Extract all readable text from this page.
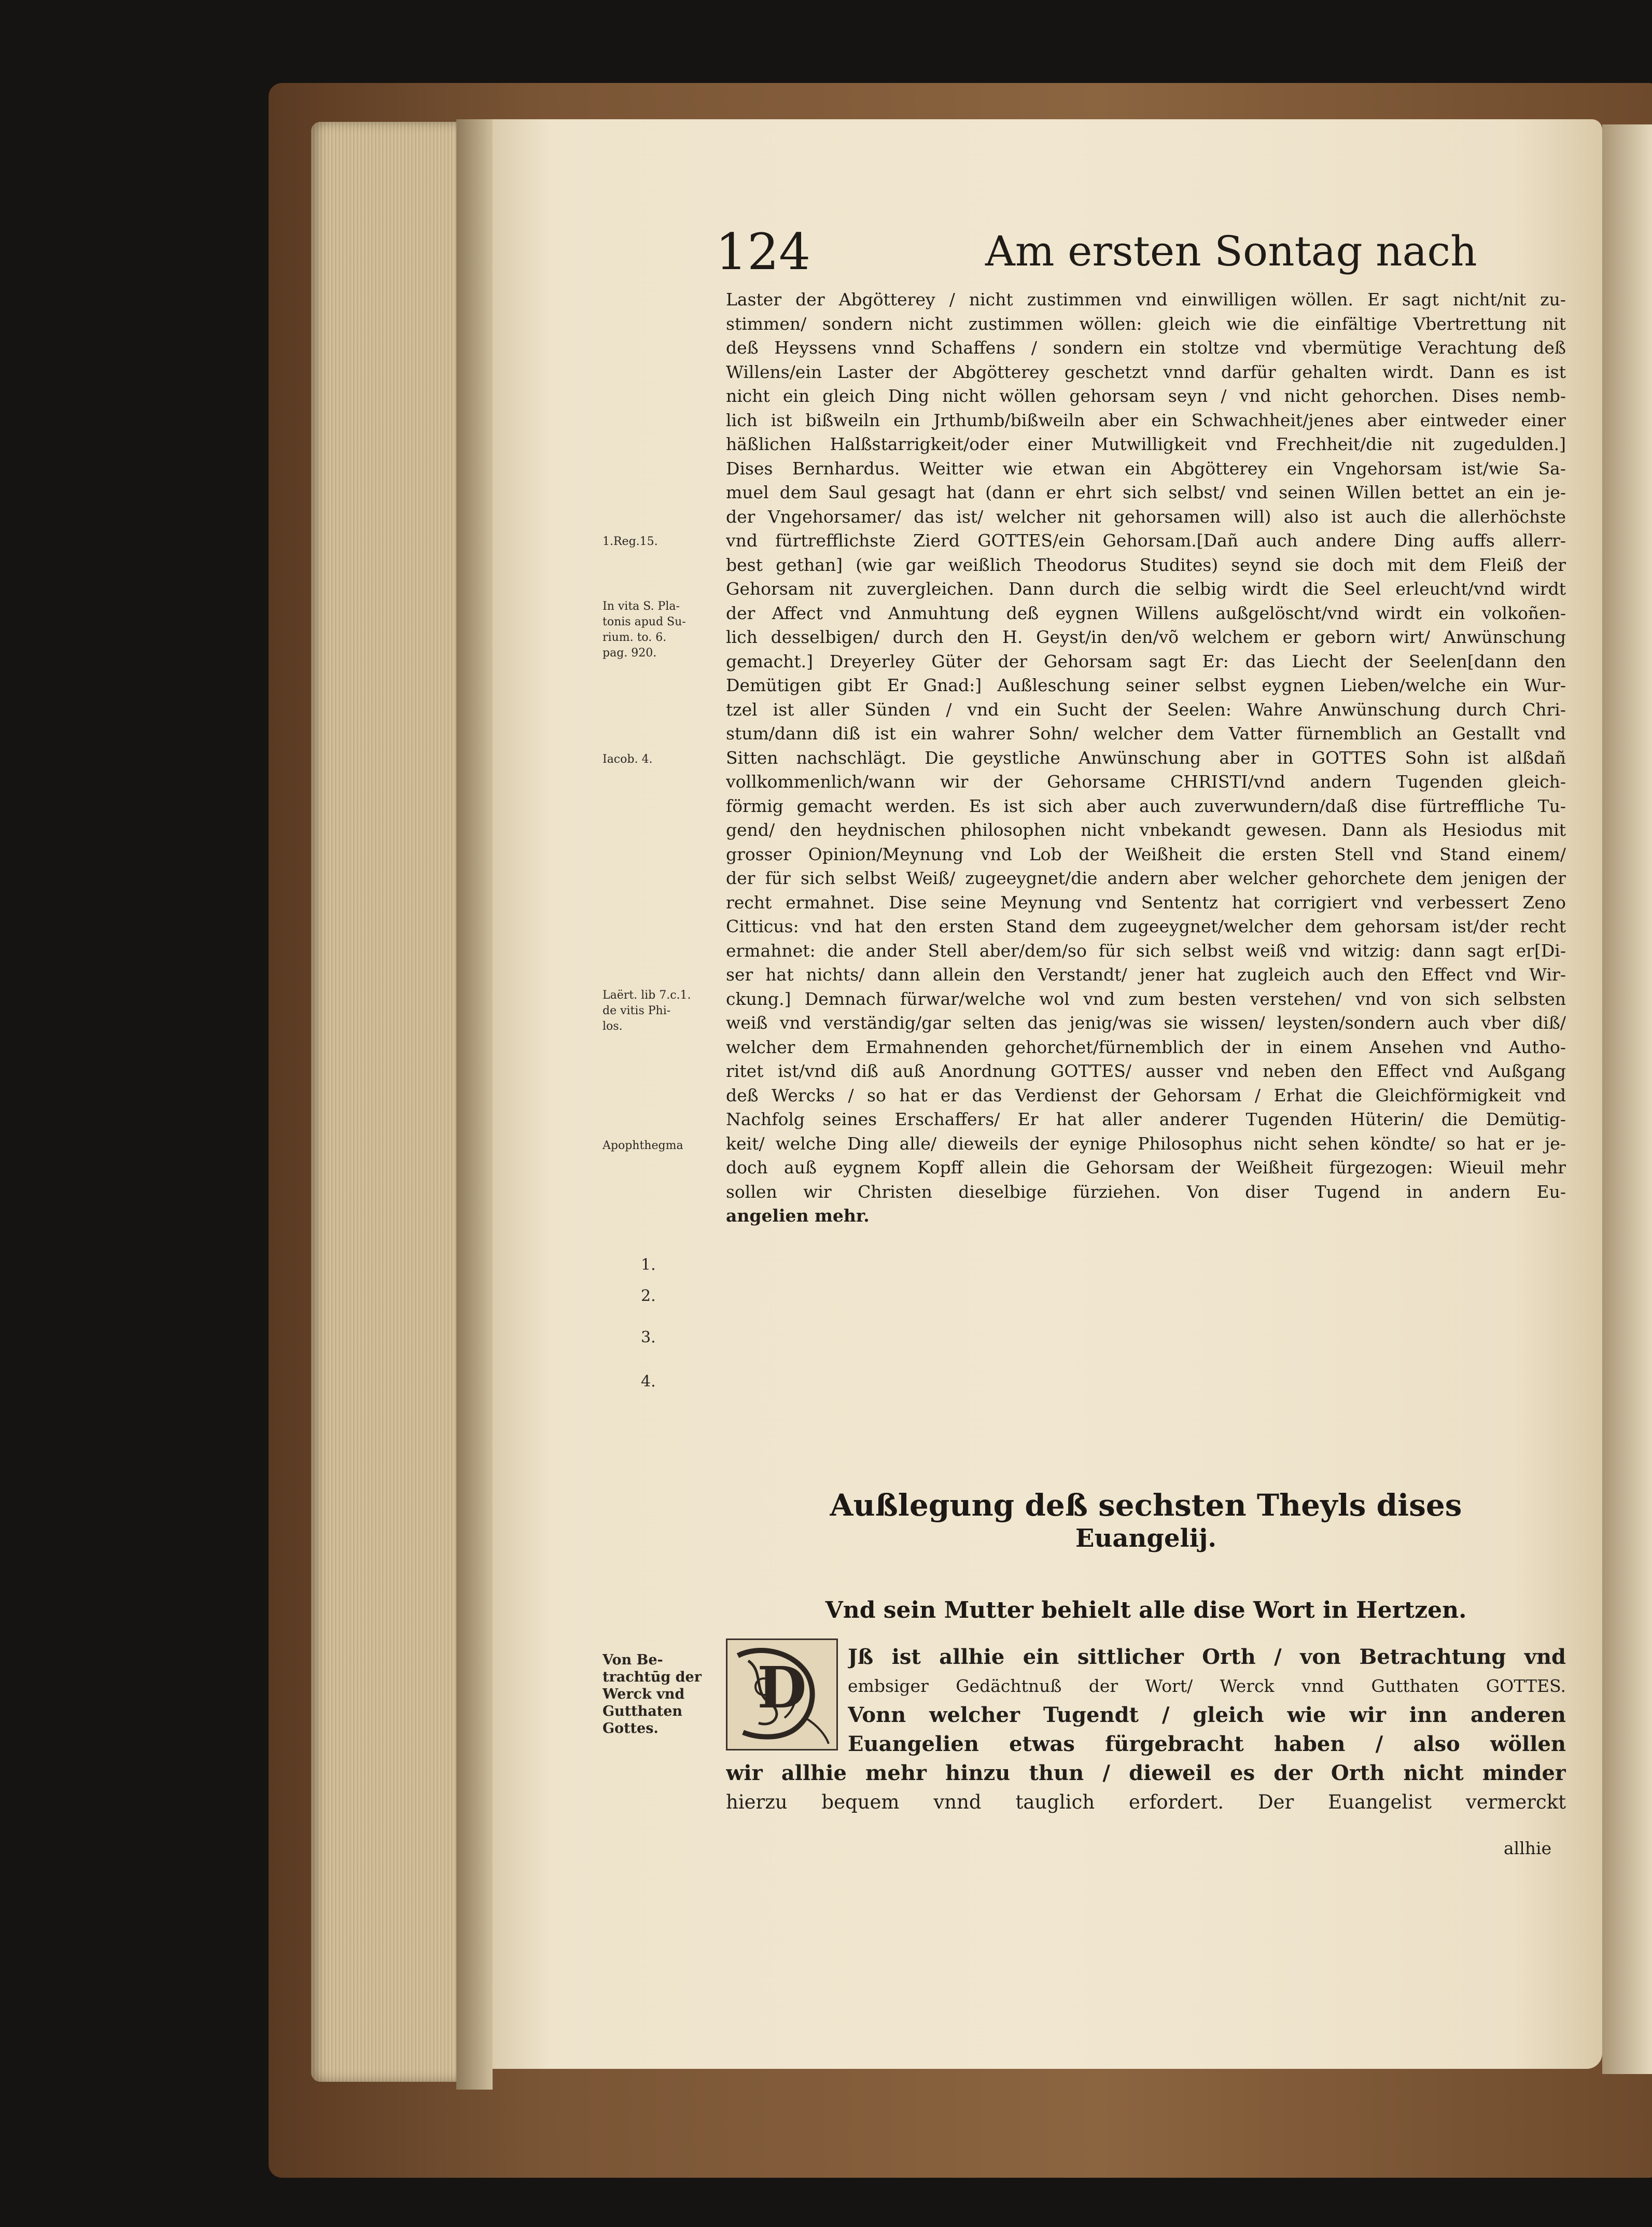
124	Am ersten Sontag nach
Laster der Abgötterey / nicht zustimmen vnd einwilligen wöllen. Er sagt nicht/nit zu-
stimmen/ sondern nicht zustimmen wöllen: gleich wie die einfältige Vbertrettung nit
deß Heyssens vnnd Schaffens / sondern ein stoltze vnd vbermütige Verachtung deß
Willens/ein Laster der Abgötterey geschetzt vnnd darfür gehalten wirdt. Dann es ist
nicht ein gleich Ding nicht wöllen gehorsam seyn / vnd nicht gehorchen. Dises nemb-
lich ist bißweiln ein Jrthumb/bißweiln aber ein Schwachheit/jenes aber eintweder einer
häßlichen Halßstarrigkeit/oder einer Mutwilligkeit vnd Frechheit/die nit zugedulden.]
Dises Bernhardus. Weitter wie etwan ein Abgötterey ein Vngehorsam ist/wie Sa-
muel dem Saul gesagt hat (dann er ehrt sich selbst/ vnd seinen Willen bettet an ein je-
der Vngehorsamer/ das ist/ welcher nit gehorsamen will) also ist auch die allerhöchste
vnd fürtrefflichste Zierd GOTTES/ein Gehorsam.[Dañ auch andere Ding auffs allerr-
best gethan] (wie gar weißlich Theodorus Studites) seynd sie doch mit dem Fleiß der
Gehorsam nit zuvergleichen. Dann durch die selbig wirdt die Seel erleucht/vnd wirdt
der Affect vnd Anmuhtung deß eygnen Willens außgelöscht/vnd wirdt ein volkoñen-
lich desselbigen/ durch den H. Geyst/in den/võ welchem er geborn wirt/ Anwünschung
gemacht.] Dreyerley Güter der Gehorsam sagt Er: das Liecht der Seelen[dann den
Demütigen gibt Er Gnad:] Außleschung seiner selbst eygnen Lieben/welche ein Wur-
tzel ist aller Sünden / vnd ein Sucht der Seelen: Wahre Anwünschung durch Chri-
stum/dann diß ist ein wahrer Sohn/ welcher dem Vatter fürnemblich an Gestallt vnd
Sitten nachschlägt. Die geystliche Anwünschung aber in GOTTES Sohn ist alßdañ
vollkommenlich/wann wir der Gehorsame CHRISTI/vnd andern Tugenden gleich-
förmig gemacht werden. Es ist sich aber auch zuverwundern/daß dise fürtreffliche Tu-
gend/ den heydnischen philosophen nicht vnbekandt gewesen. Dann als Hesiodus mit
grosser Opinion/Meynung vnd Lob der Weißheit die ersten Stell vnd Stand einem/
der für sich selbst Weiß/ zugeeygnet/die andern aber welcher gehorchete dem jenigen der
recht ermahnet. Dise seine Meynung vnd Sententz hat corrigiert vnd verbessert Zeno
Citticus: vnd hat den ersten Stand dem zugeeygnet/welcher dem gehorsam ist/der recht
ermahnet: die ander Stell aber/dem/so für sich selbst weiß vnd witzig: dann sagt er[Di-
ser hat nichts/ dann allein den Verstandt/ jener hat zugleich auch den Effect vnd Wir-
ckung.] Demnach fürwar/welche wol vnd zum besten verstehen/ vnd von sich selbsten
weiß vnd verständig/gar selten das jenig/was sie wissen/ leysten/sondern auch vber diß/
welcher dem Ermahnenden gehorchet/fürnemblich der in einem Ansehen vnd Autho-
ritet ist/vnd diß auß Anordnung GOTTES/ ausser vnd neben den Effect vnd Außgang
deß Wercks / so hat er das Verdienst der Gehorsam / Erhat die Gleichförmigkeit vnd
Nachfolg seines Erschaffers/ Er hat aller anderer Tugenden Hüterin/ die Demütig-
keit/ welche Ding alle/ dieweils der eynige Philosophus nicht sehen köndte/ so hat er je-
doch auß eygnem Kopff allein die Gehorsam der Weißheit fürgezogen: Wieuil mehr
sollen wir Christen dieselbige fürziehen. Von diser Tugend in andern Eu-
angelien mehr.
1.Reg.15.
In vita S. Pla-
tonis apud Su-
rium. to. 6.
pag. 920.
Iacob. 4.
Laërt. lib 7.c.1.
de vitis Phi-
los.
Apophthegma
1.
2.
3.
4.
Von Be-
trachtūg der
Werck vnd
Gutthaten
Gottes.
Außlegung deß sechsten Theyls dises
Euangelij.
Vnd sein Mutter behielt alle dise Wort in Hertzen.
D Jß ist allhie ein sittlicher Orth / von Betrachtung vnd
embsiger Gedächtnuß der Wort/ Werck vnnd Gutthaten GOTTES.
Vonn welcher Tugendt / gleich wie wir inn anderen
Euangelien etwas fürgebracht haben / also wöllen
wir allhie mehr hinzu thun / dieweil es der Orth nicht minder
hierzu bequem vnnd tauglich erfordert. Der Euangelist vermerckt
allhie
